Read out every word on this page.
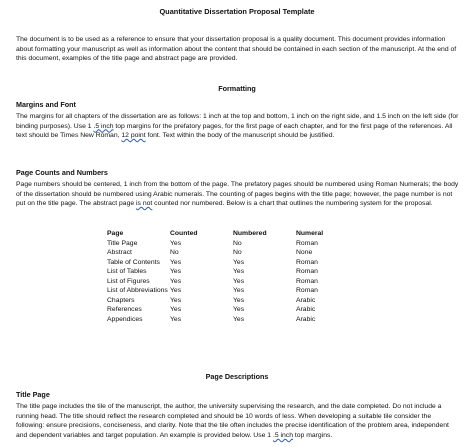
Quantitative Dissertation Proposal Template
The document is to be used as a reference to ensure that your dissertation proposal is a quality document. This document provides information about formatting your manuscript as well as information about the content that should be contained in each section of the manuscript. At the end of this document, examples of the title page and abstract page are provided.
Formatting
Margins and Font
The margins for all chapters of the dissertation are as follows: 1 inch at the top and bottom, 1 inch on the right side, and 1.5 inch on the left side (for binding purposes). Use 1 .5 inch top margins for the prefatory pages, for the first page of each chapter, and for the first page of the references. All text should be Times New Roman, 12 point font. Text within the body of the manuscript should be justified.
Page Counts and Numbers
Page numbers should be centered, 1 inch from the bottom of the page. The prefatory pages should be numbered using Roman Numerals; the body of the dissertation should be numbered using Arabic numerals. The counting of pages begins with the title page; however, the page number is not put on the title page. The abstract page is not counted nor numbered. Below is a chart that outlines the numbering system for the proposal.
Page	Counted	Numbered	Numeral
Title Page	Yes	No	Roman
Abstract	No	No	None
Table of Contents	Yes	Yes	Roman
List of Tables	Yes	Yes	Roman
List of Figures	Yes	Yes	Roman
List of Abbreviations	Yes	Yes	Roman
Chapters	Yes	Yes	Arabic
References	Yes	Yes	Arabic
Appendices	Yes	Yes	Arabic
Page Descriptions
Title Page
The title page includes the tile of the manuscript, the author, the university supervising the research, and the date completed. Do not include a running head. The title should reflect the research completed and should be 10 words of less. When developing a suitable tile consider the following: ensure precisions, conciseness, and clarity. Note that the tile often includes the precise identification of the problem area, independent and dependent variables and target population. An example is provided below. Use 1 .5 inch top margins.
